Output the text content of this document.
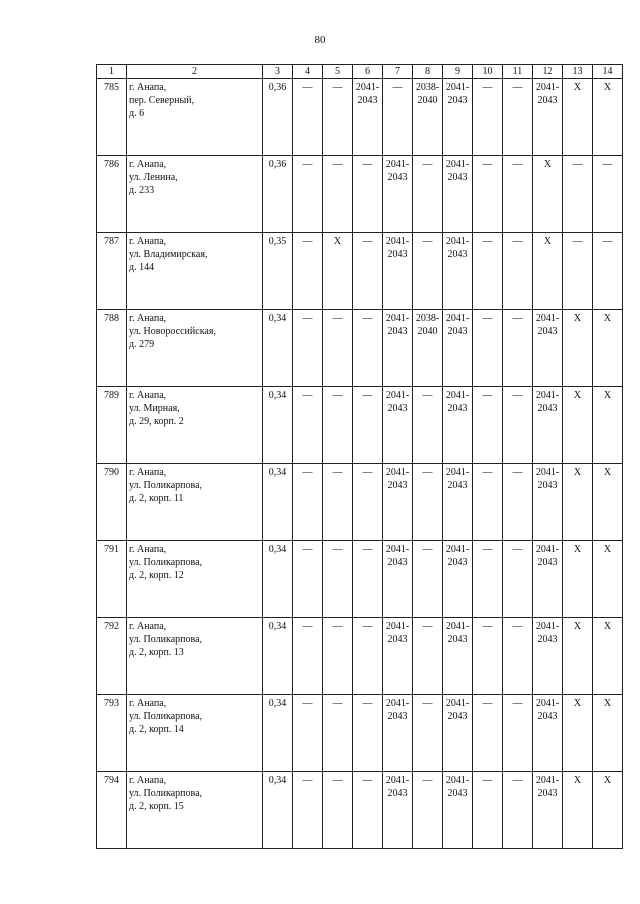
80
1	2	3	4	5	6	7	8	9	10	11	12	13	14
785	г. Анапа,
пер. Северный,
д. 6	0,36	—	—	2041-
2043	—	2038-
2040	2041-
2043	—	—	2041-
2043	X	X

786	г. Анапа,
ул. Ленина,
д. 233	0,36	—	—	—	2041-
2043	—	2041-
2043	—	—	X	—	—

787	г. Анапа,
ул. Владимирская,
д. 144	0,35	—	X	—	2041-
2043	—	2041-
2043	—	—	X	—	—

788	г. Анапа,
ул. Новороссийская,
д. 279	0,34	—	—	—	2041-
2043	2038-
2040	2041-
2043	—	—	2041-
2043	X	X

789	г. Анапа,
ул. Мирная,
д. 29, корп. 2	0,34	—	—	—	2041-
2043	—	2041-
2043	—	—	2041-
2043	X	X

790	г. Анапа,
ул. Поликарпова,
д. 2, корп. 11	0,34	—	—	—	2041-
2043	—	2041-
2043	—	—	2041-
2043	X	X

791	г. Анапа,
ул. Поликарпова,
д. 2, корп. 12	0,34	—	—	—	2041-
2043	—	2041-
2043	—	—	2041-
2043	X	X

792	г. Анапа,
ул. Поликарпова,
д. 2, корп. 13	0,34	—	—	—	2041-
2043	—	2041-
2043	—	—	2041-
2043	X	X

793	г. Анапа,
ул. Поликарпова,
д. 2, корп. 14	0,34	—	—	—	2041-
2043	—	2041-
2043	—	—	2041-
2043	X	X

794	г. Анапа,
ул. Поликарпова,
д. 2, корп. 15	0,34	—	—	—	2041-
2043	—	2041-
2043	—	—	2041-
2043	X	X
